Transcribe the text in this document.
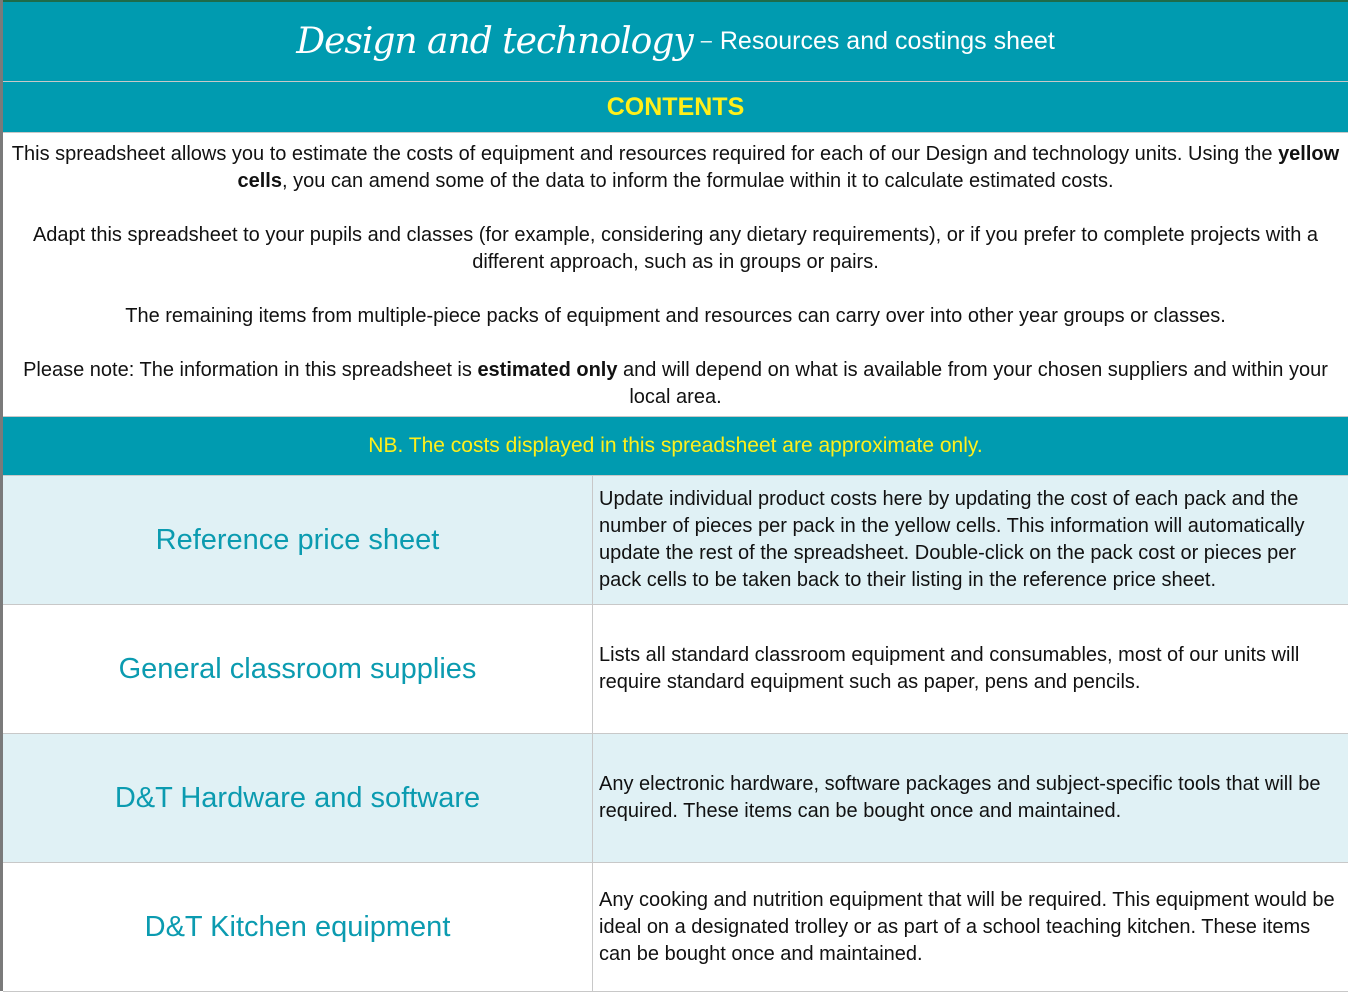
Design and technology – Resources and costings sheet
CONTENTS

This spreadsheet allows you to estimate the costs of equipment and resources required for each of our Design and technology units. Using the yellow cells, you can amend some of the data to inform the formulae within it to calculate estimated costs.

Adapt this spreadsheet to your pupils and classes (for example, considering any dietary requirements), or if you prefer to complete projects with a different approach, such as in groups or pairs.

The remaining items from multiple-piece packs of equipment and resources can carry over into other year groups or classes.

Please note: The information in this spreadsheet is estimated only and will depend on what is available from your chosen suppliers and within your local area.

NB. The costs displayed in this spreadsheet are approximate only.
Reference price sheet
Update individual product costs here by updating the cost of each pack and the number of pieces per pack in the yellow cells. This information will automatically update the rest of the spreadsheet. Double-click on the pack cost or pieces per pack cells to be taken back to their listing in the reference price sheet.
General classroom supplies	Lists all standard classroom equipment and consumables, most of our units will require standard equipment such as paper, pens and pencils.
D&T Hardware and software	Any electronic hardware, software packages and subject-specific tools that will be required. These items can be bought once and maintained.
D&T Kitchen equipment
Any cooking and nutrition equipment that will be required. This equipment would be ideal on a designated trolley or as part of a school teaching kitchen. These items can be bought once and maintained.
